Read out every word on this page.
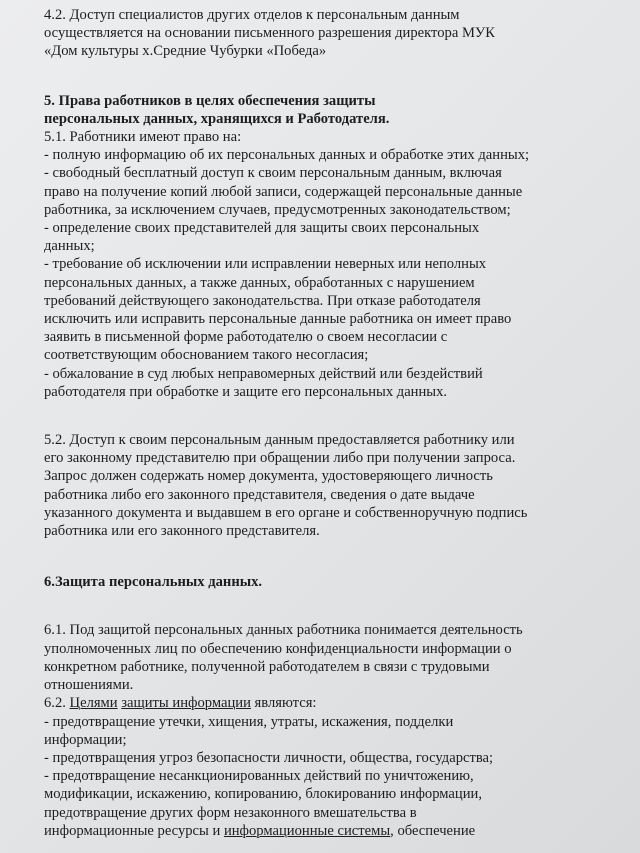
4.2. Доступ специалистов других отделов к персональным данным
осуществляется на основании письменного разрешения директора МУК
«Дом культуры х.Средние Чубурки «Победа»
5. Права работников в целях обеспечения защиты
персональных данных, хранящихся и Работодателя.
5.1. Работники имеют право на:
- полную информацию об их персональных данных и обработке этих данных;
- свободный бесплатный доступ к своим персональным данным, включая
право на получение копий любой записи, содержащей персональные данные
работника, за исключением случаев, предусмотренных законодательством;
- определение своих представителей для защиты своих персональных
данных;
- требование об исключении или исправлении неверных или неполных
персональных данных, а также данных, обработанных с нарушением
требований действующего законодательства. При отказе работодателя
исключить или исправить персональные данные работника он имеет право
заявить в письменной форме работодателю о своем несогласии с
соответствующим обоснованием такого несогласия;
- обжалование в суд любых неправомерных действий или бездействий
работодателя при обработке и защите его персональных данных.
5.2. Доступ к своим персональным данным предоставляется работнику или
его законному представителю при обращении либо при получении запроса.
Запрос должен содержать номер документа, удостоверяющего личность
работника либо его законного представителя, сведения о дате выдаче
указанного документа и выдавшем в его органе и собственноручную подпись
работника или его законного представителя.
6.Защита персональных данных.
6.1. Под защитой персональных данных работника понимается деятельность
уполномоченных лиц по обеспечению конфиденциальности информации о
конкретном работнике, полученной работодателем в связи с трудовыми
отношениями.
6.2. Целями защиты информации являются:
- предотвращение утечки, хищения, утраты, искажения, подделки
информации;
- предотвращения угроз безопасности личности, общества, государства;
- предотвращение несанкционированных действий по уничтожению,
модификации, искажению, копированию, блокированию информации,
предотвращение других форм незаконного вмешательства в
информационные ресурсы и информационные системы, обеспечение
